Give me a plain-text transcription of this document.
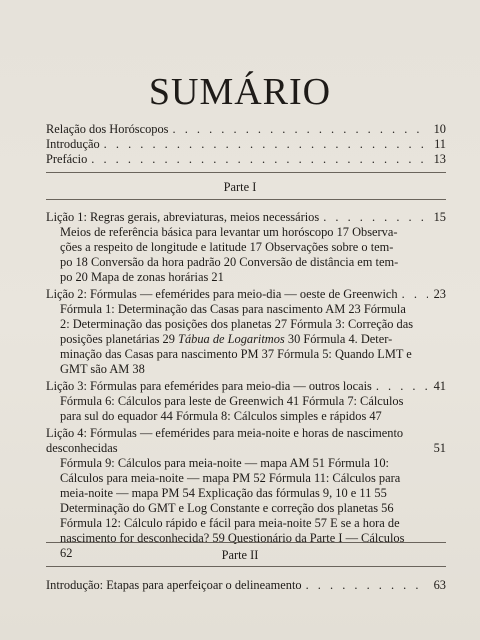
SUMÁRIO
Relação dos Horóscopos . . .	10
Introdução . . .	11
Prefácio . . .	13
Parte I
Lição 1: Regras gerais, abreviaturas, meios necessários . . .	15
Meios de referência básica para levantar um horóscopo 17 Observa-
ções a respeito de longitude e latitude 17 Observações sobre o tem-
po 18 Conversão da hora padrão 20 Conversão de distância em tem-
po 20 Mapa de zonas horárias 21
Lição 2: Fórmulas — efemérides para meio-dia — oeste de Greenwich . . .	23
Fórmula 1: Determinação das Casas para nascimento AM 23 Fórmula
2: Determinação das posições dos planetas 27 Fórmula 3: Correção das
posições planetárias 29 Tábua de Logaritmos 30 Fórmula 4. Deter-
minação das Casas para nascimento PM 37 Fórmula 5: Quando LMT e
GMT são AM 38
Lição 3: Fórmulas para efemérides para meio-dia — outros locais . . .	41
Fórmula 6: Cálculos para leste de Greenwich 41 Fórmula 7: Cálculos
para sul do equador 44 Fórmula 8: Cálculos simples e rápidos 47
Lição 4: Fórmulas — efemérides para meia-noite e horas de nascimento
desconhecidas	51
Fórmula 9: Cálculos para meia-noite — mapa AM 51 Fórmula 10:
Cálculos para meia-noite — mapa PM 52 Fórmula 11: Cálculos para
meia-noite — mapa PM 54 Explicação das fórmulas 9, 10 e 11 55
Determinação do GMT e Log Constante e correção dos planetas 56
Fórmula 12: Cálculo rápido e fácil para meia-noite 57 E se a hora de
nascimento for desconhecida? 59 Questionário da Parte I — Cálculos
62	Parte II
Introdução: Etapas para aperfeiçoar o delineamento . . .	63
